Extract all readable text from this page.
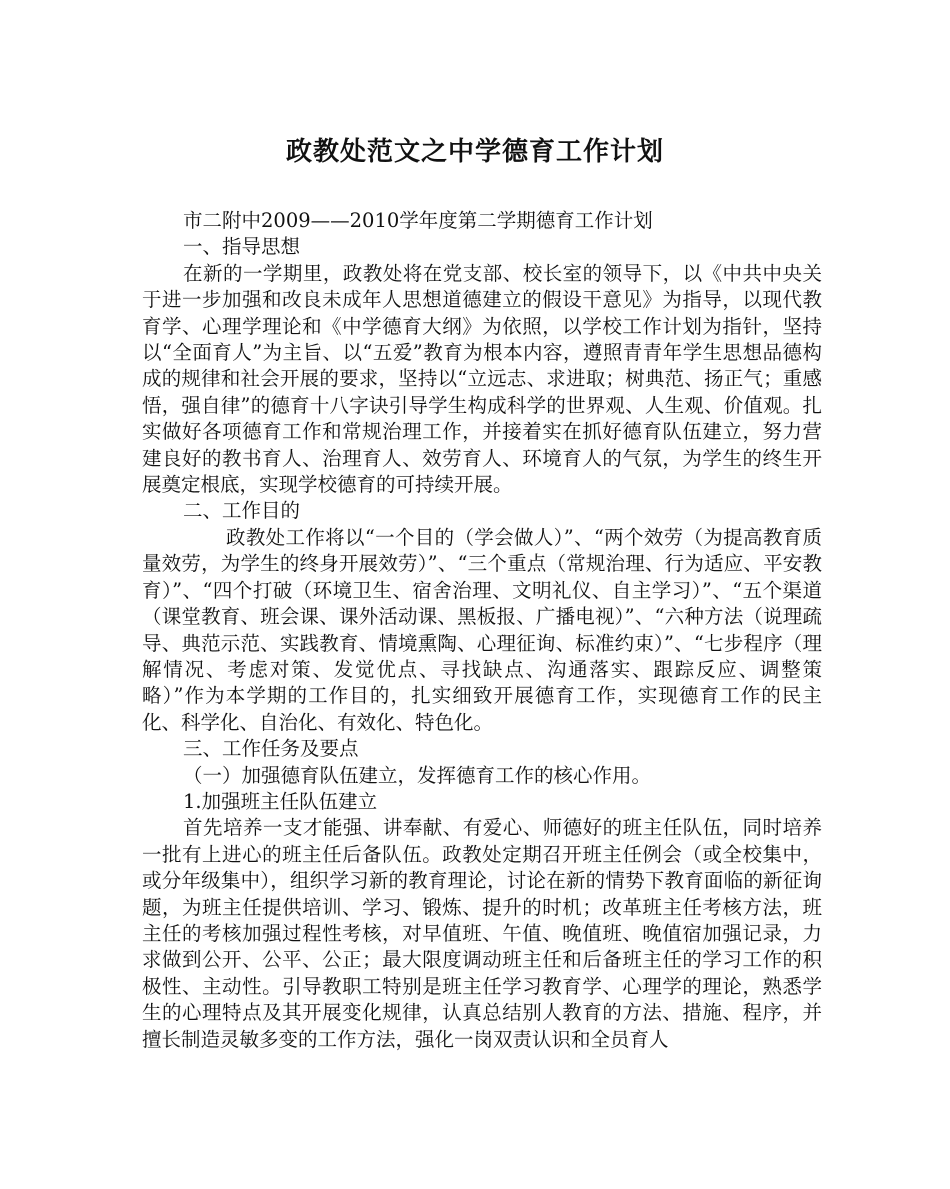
政教处范文之中学德育工作计划

市二附中2009——2010学年度第二学期德育工作计划

一、指导思想

在新的一学期里，政教处将在党支部、校长室的领导下，以《中共中央关于进一步加强和改良未成年人思想道德建立的假设干意见》为指导，以现代教育学、心理学理论和《中学德育大纲》为依照，以学校工作计划为指针，坚持以“全面育人”为主旨、以“五爱”教育为根本内容，遵照青青年学生思想品德构成的规律和社会开展的要求，坚持以“立远志、求进取；树典范、扬正气；重感悟，强自律”的德育十八字诀引导学生构成科学的世界观、人生观、价值观。扎实做好各项德育工作和常规治理工作，并接着实在抓好德育队伍建立，努力营建良好的教书育人、治理育人、效劳育人、环境育人的气氛，为学生的终生开展奠定根底，实现学校德育的可持续开展。

二、工作目的

政教处工作将以“一个目的（学会做人）”、“两个效劳（为提高教育质量效劳，为学生的终身开展效劳）”、“三个重点（常规治理、行为适应、平安教育）”、“四个打破（环境卫生、宿舍治理、文明礼仪、自主学习）”、“五个渠道（课堂教育、班会课、课外活动课、黑板报、广播电视）”、“六种方法（说理疏导、典范示范、实践教育、情境熏陶、心理征询、标准约束）”、“七步程序（理解情况、考虑对策、发觉优点、寻找缺点、沟通落实、跟踪反应、调整策略）”作为本学期的工作目的，扎实细致开展德育工作，实现德育工作的民主化、科学化、自治化、有效化、特色化。

三、工作任务及要点

（一）加强德育队伍建立，发挥德育工作的核心作用。

1.加强班主任队伍建立

首先培养一支才能强、讲奉献、有爱心、师德好的班主任队伍，同时培养一批有上进心的班主任后备队伍。政教处定期召开班主任例会（或全校集中，或分年级集中），组织学习新的教育理论，讨论在新的情势下教育面临的新征询题，为班主任提供培训、学习、锻炼、提升的时机；改革班主任考核方法，班主任的考核加强过程性考核，对早值班、午值、晚值班、晚值宿加强记录，力求做到公开、公平、公正；最大限度调动班主任和后备班主任的学习工作的积极性、主动性。引导教职工特别是班主任学习教育学、心理学的理论，熟悉学生的心理特点及其开展变化规律，认真总结别人教育的方法、措施、程序，并擅长制造灵敏多变的工作方法，强化一岗双责认识和全员育人
